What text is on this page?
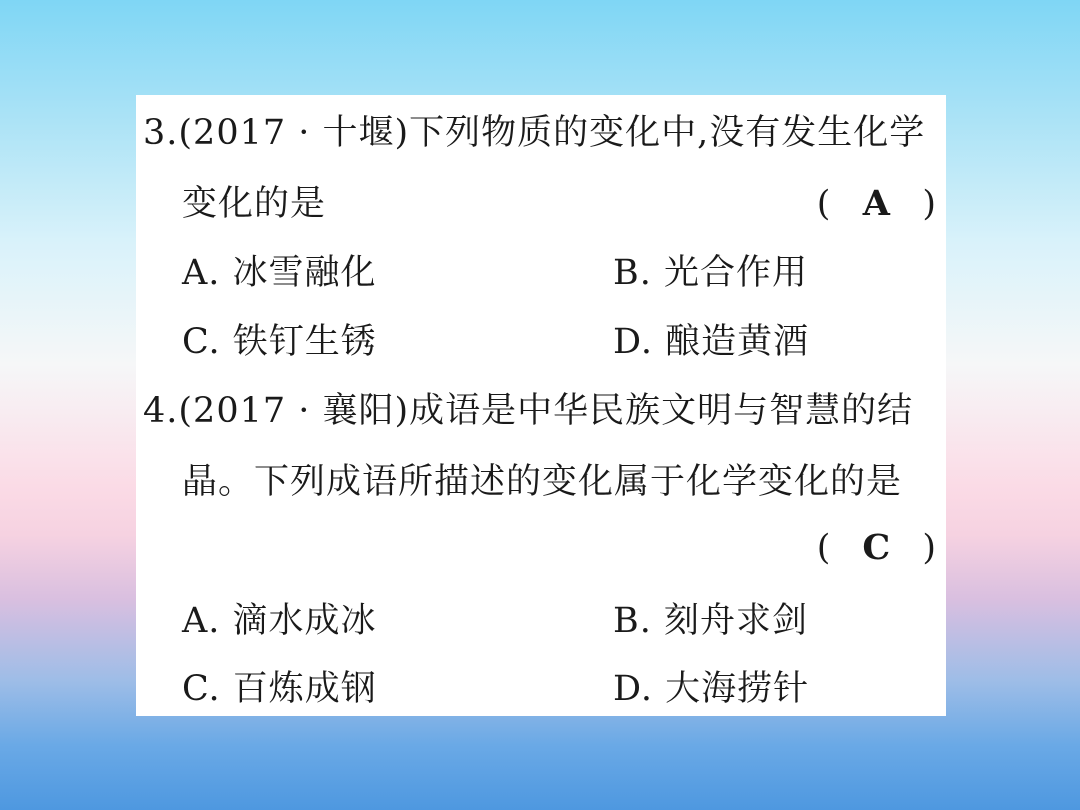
3.(2017 · 十堰)下列物质的变化中,没有发生化学
变化的是	( A )
A. 冰雪融化	B. 光合作用
C. 铁钉生锈	D. 酿造黄酒
4.(2017 · 襄阳)成语是中华民族文明与智慧的结
晶。下列成语所描述的变化属于化学变化的是
( C )
A. 滴水成冰	B. 刻舟求剑
C. 百炼成钢	D. 大海捞针
